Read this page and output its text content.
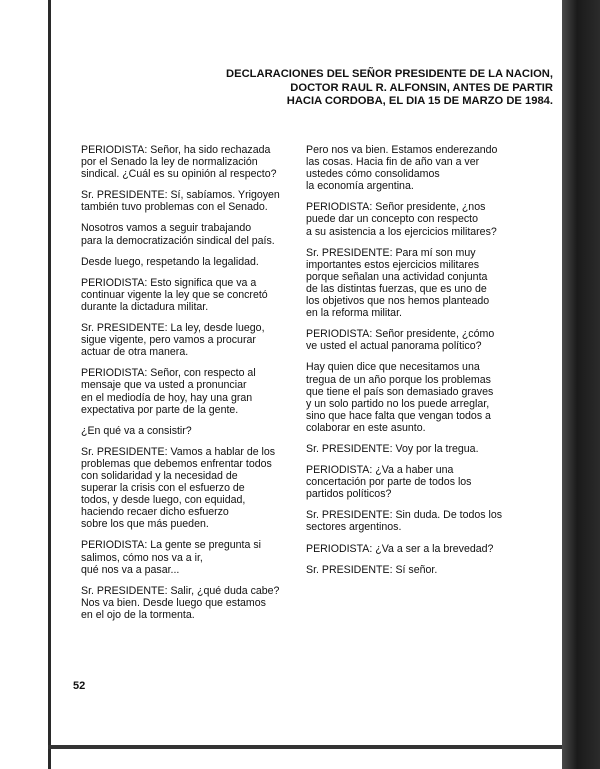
DECLARACIONES DEL SEÑOR PRESIDENTE DE LA NACION,
DOCTOR RAUL R. ALFONSIN, ANTES DE PARTIR
HACIA CORDOBA, EL DIA 15 DE MARZO DE 1984.

PERIODISTA: Señor, ha sido rechazada
por el Senado la ley de normalización
sindical. ¿Cuál es su opinión al respecto?

Sr. PRESIDENTE: Sí, sabíamos. Yrigoyen
también tuvo problemas con el Senado.

Nosotros vamos a seguir trabajando
para la democratización sindical del país.

Desde luego, respetando la legalidad.

PERIODISTA: Esto significa que va a
continuar vigente la ley que se concretó
durante la dictadura militar.

Sr. PRESIDENTE: La ley, desde luego,
sigue vigente, pero vamos a procurar
actuar de otra manera.

PERIODISTA: Señor, con respecto al
mensaje que va usted a pronunciar
en el mediodía de hoy, hay una gran
expectativa por parte de la gente.

¿En qué va a consistir?

Sr. PRESIDENTE: Vamos a hablar de los
problemas que debemos enfrentar todos
con solidaridad y la necesidad de
superar la crisis con el esfuerzo de
todos, y desde luego, con equidad,
haciendo recaer dicho esfuerzo
sobre los que más pueden.

PERIODISTA: La gente se pregunta si
salimos, cómo nos va a ir,
qué nos va a pasar...

Sr. PRESIDENTE: Salir, ¿qué duda cabe?
Nos va bien. Desde luego que estamos
en el ojo de la tormenta.

Pero nos va bien. Estamos enderezando
las cosas. Hacia fin de año van a ver
ustedes cómo consolidamos
la economía argentina.

PERIODISTA: Señor presidente, ¿nos
puede dar un concepto con respecto
a su asistencia a los ejercicios militares?

Sr. PRESIDENTE: Para mí son muy
importantes estos ejercicios militares
porque señalan una actividad conjunta
de las distintas fuerzas, que es uno de
los objetivos que nos hemos planteado
en la reforma militar.

PERIODISTA: Señor presidente, ¿cómo
ve usted el actual panorama político?

Hay quien dice que necesitamos una
tregua de un año porque los problemas
que tiene el país son demasiado graves
y un solo partido no los puede arreglar,
sino que hace falta que vengan todos a
colaborar en este asunto.

Sr. PRESIDENTE: Voy por la tregua.

PERIODISTA: ¿Va a haber una
concertación por parte de todos los
partidos políticos?

Sr. PRESIDENTE: Sin duda. De todos los
sectores argentinos.

PERIODISTA: ¿Va a ser a la brevedad?

Sr. PRESIDENTE: Sí señor.

52
